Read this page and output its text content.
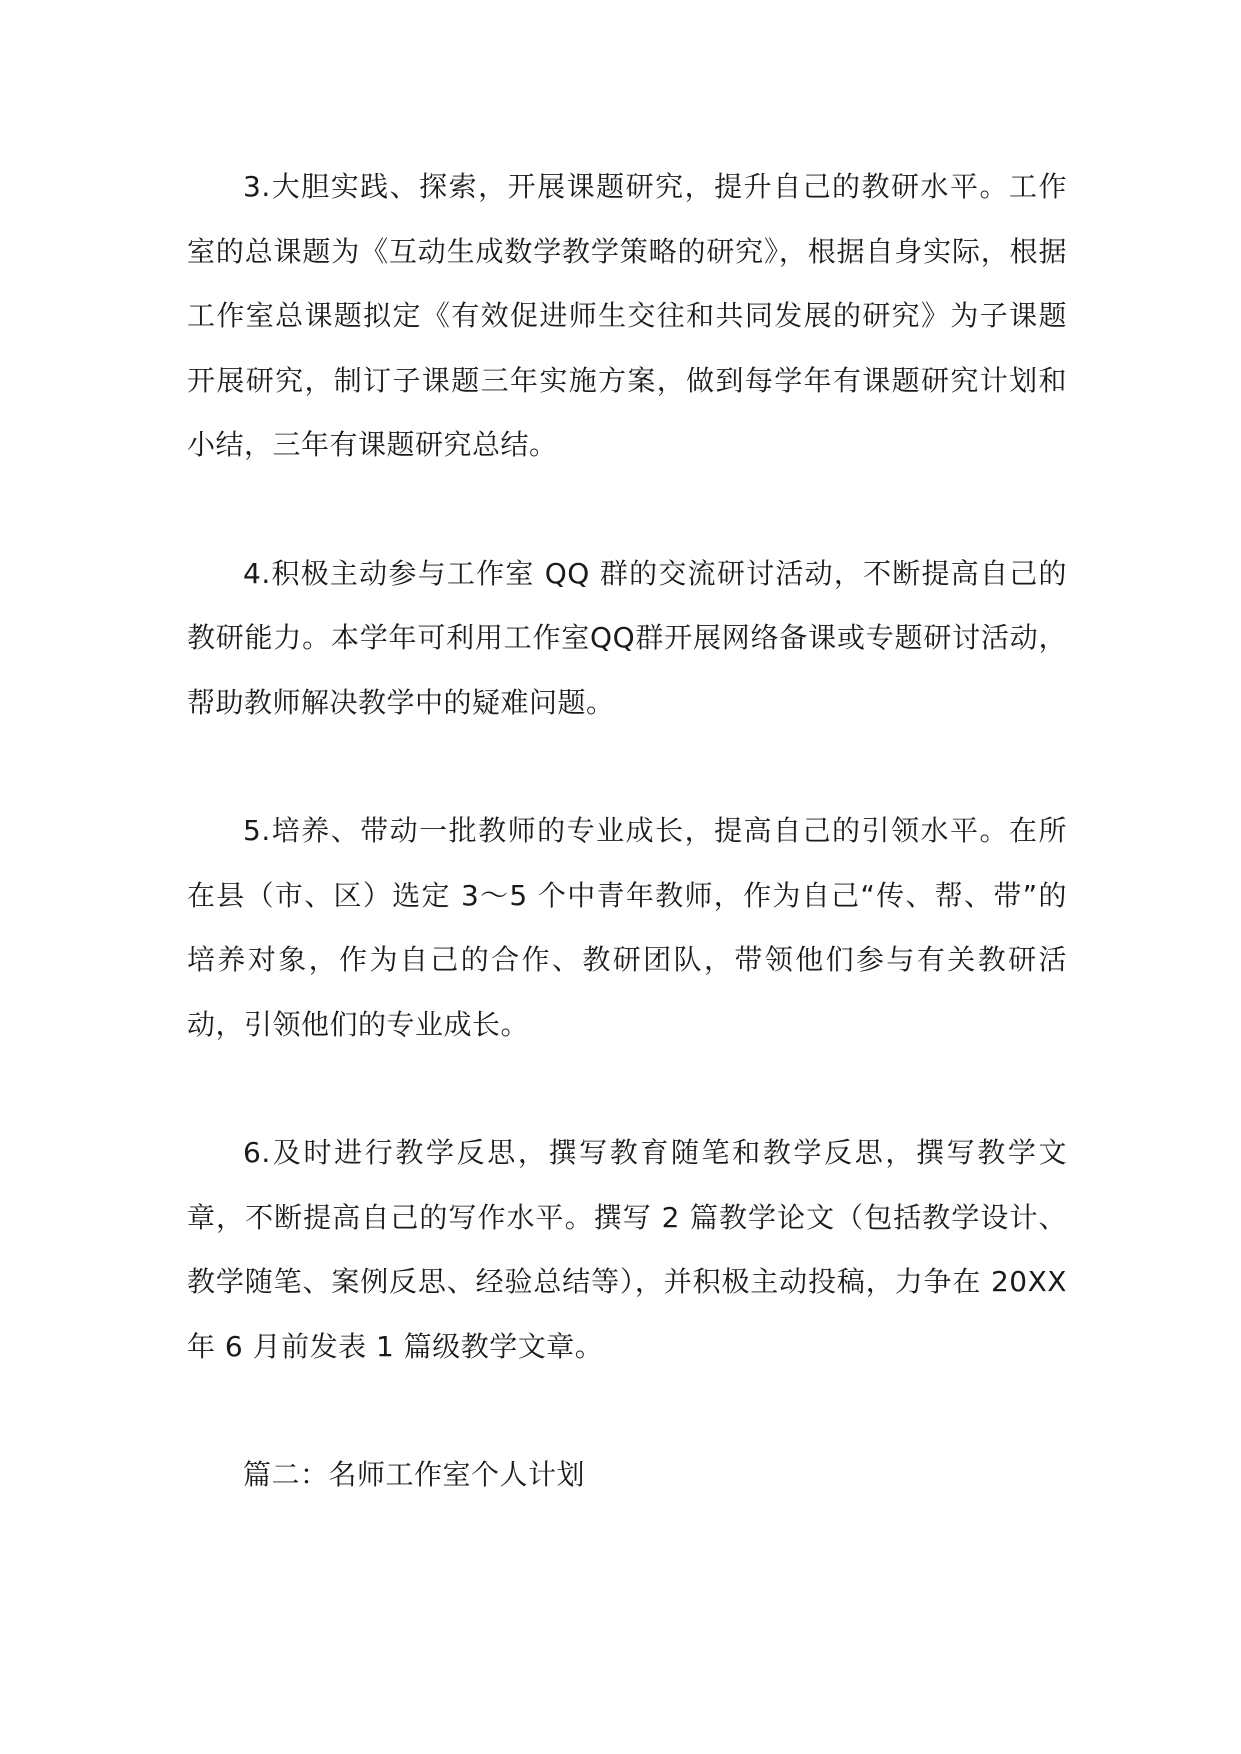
3.大胆实践、探索，开展课题研究，提升自己的教研水平。工作室的总课题为《互动生成数学教学策略的研究》，根据自身实际，根据工作室总课题拟定《有效促进师生交往和共同发展的研究》为子课题开展研究，制订子课题三年实施方案，做到每学年有课题研究计划和小结，三年有课题研究总结。

4.积极主动参与工作室 QQ 群的交流研讨活动，不断提高自己的教研能力。本学年可利用工作室QQ群开展网络备课或专题研讨活动，帮助教师解决教学中的疑难问题。

5.培养、带动一批教师的专业成长，提高自己的引领水平。在所在县（市、区）选定 3～5 个中青年教师，作为自己“传、帮、带”的培养对象，作为自己的合作、教研团队，带领他们参与有关教研活动，引领他们的专业成长。

6.及时进行教学反思，撰写教育随笔和教学反思，撰写教学文章，不断提高自己的写作水平。撰写 2 篇教学论文（包括教学设计、教学随笔、案例反思、经验总结等），并积极主动投稿，力争在 20XX 年 6 月前发表 1 篇级教学文章。

篇二：名师工作室个人计划
